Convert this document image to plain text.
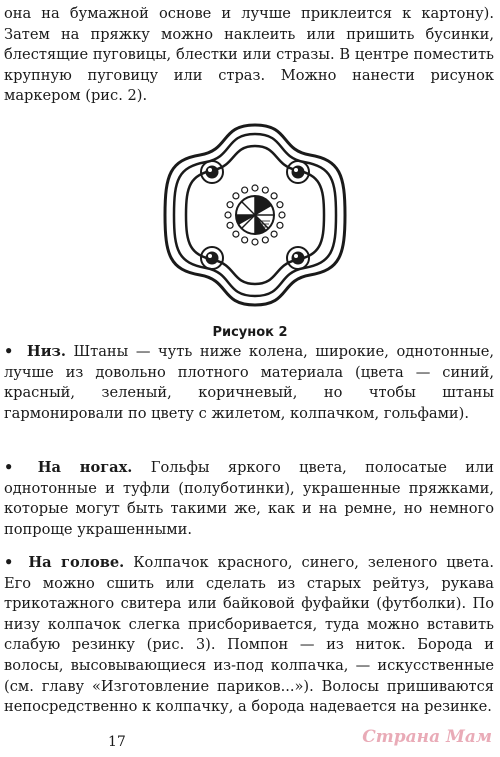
она на бумажной основе и лучше приклеится к картону). Затем на пряжку можно наклеить или пришить бусинки, блестящие пуговицы, блестки или стразы. В центре поместить крупную пуговицу или страз. Можно нанести рисунок маркером (рис. 2).

Рисунок 2

• Низ. Штаны — чуть ниже колена, широкие, однотонные, лучше из довольно плотного материала (цвета — синий, красный, зеленый, коричневый, но чтобы штаны гармонировали по цвету с жилетом, колпачком, гольфами).

• На ногах. Гольфы яркого цвета, полосатые или однотонные и туфли (полуботинки), украшенные пряжками, которые могут быть такими же, как и на ремне, но немного попроще украшенными.

• На голове. Колпачок красного, синего, зеленого цвета. Его можно сшить или сделать из старых рейтуз, рукава трикотажного свитера или байковой фуфайки (футболки). По низу колпачок слегка присборивается, туда можно вставить слабую резинку (рис. 3). Помпон — из ниток. Борода и волосы, высовывающиеся из-под колпачка, — искусственные (см. главу «Изготовление париков...»). Волосы пришиваются непосредственно к колпачку, а борода надевается на резинке.

17	Страна Мам
